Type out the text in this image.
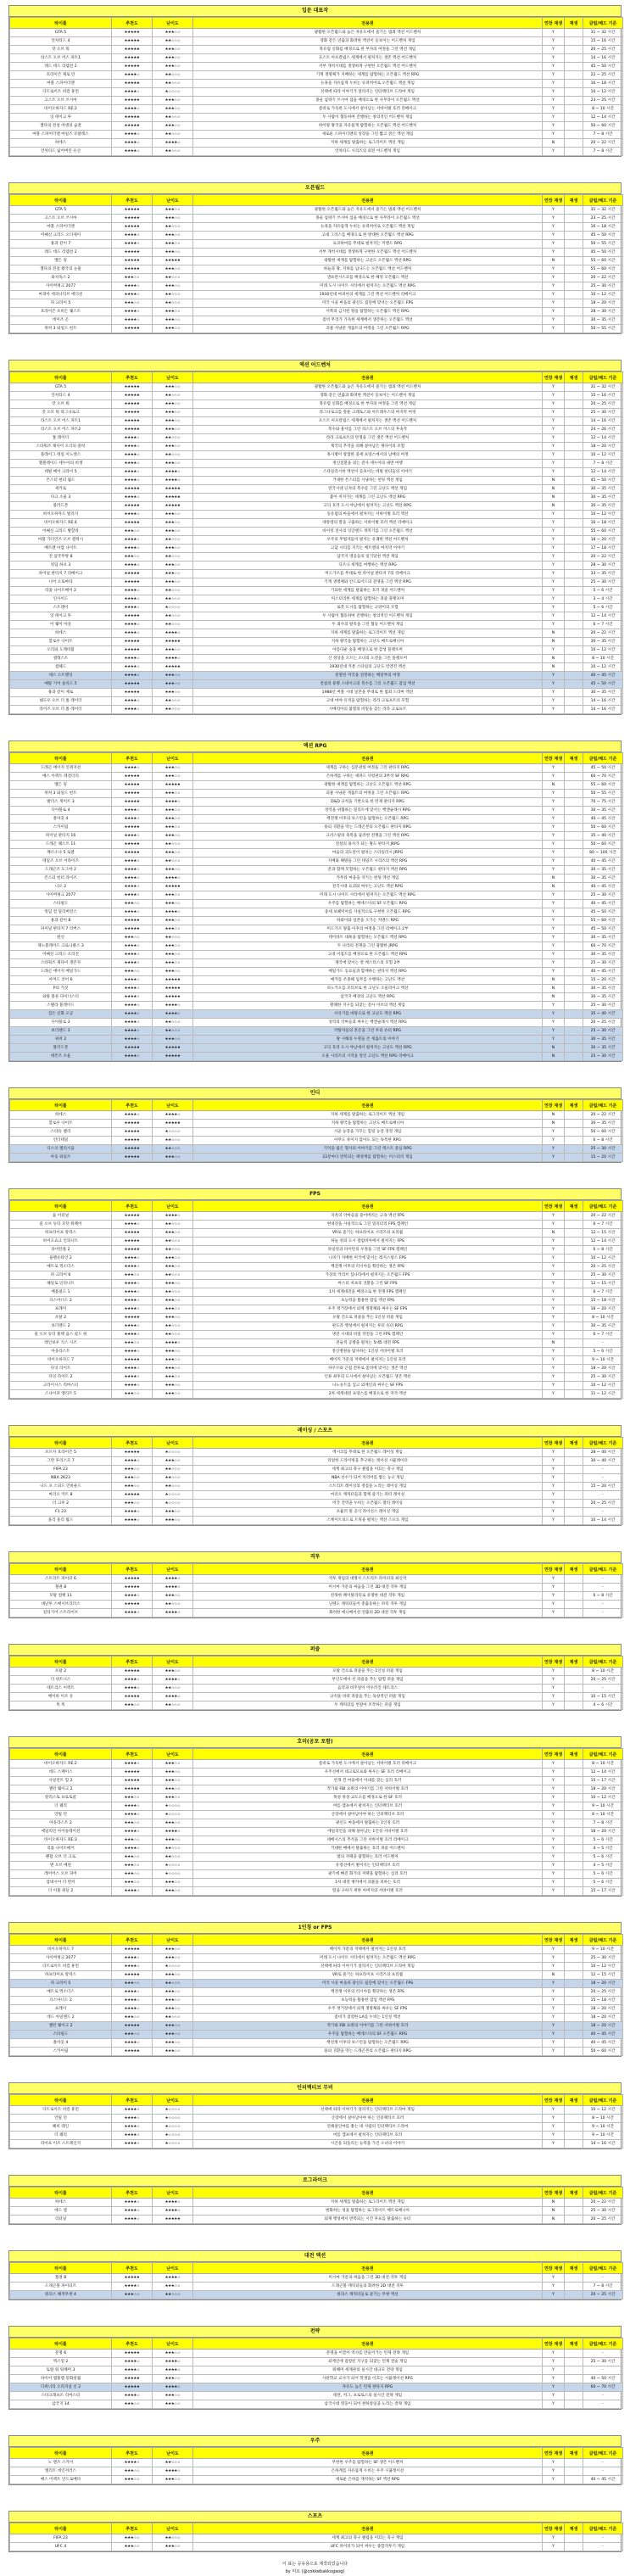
입문 대표작
타이틀	추천도	난이도	전용원	연장 재생	재생	클립/헤드 기준
GTA 5	★★★★★	★★★☆☆	광활한 오픈월드와 높은 자유도에서 즐기는 범죄 액션 어드벤처	Y		31 ~ 32 시간
언차티드 4	★★★★★	★★☆☆☆	영화 같은 연출과 화려한 액션이 돋보이는 어드벤처 게임	Y		15 ~ 16 시간
갓 오브 워	★★★★★	★★★☆☆	북유럽 신화를 배경으로 한 부자의 여정을 그린 액션 게임	Y		20 ~ 25 시간
라스트 오브 어스 파트1	★★★★★	★★★☆☆	포스트 아포칼립스 세계에서 펼쳐지는 생존 액션 어드벤처	Y		14 ~ 16 시간
레드 데드 리뎀션 2	★★★★★	★★★☆☆	서부 개척시대를 생생하게 구현한 오픈월드 액션 어드벤처	Y		45 ~ 50 시간
호라이즌 제로 던	★★★★☆	★★☆☆☆	기계 생명체가 지배하는 세계를 탐험하는 오픈월드 액션 RPG	Y		22 ~ 25 시간
마블 스파이더맨	★★★★★	★★☆☆☆	뉴욕을 자유롭게 누비는 슈퍼히어로 오픈월드 액션 게임	Y		16 ~ 18 시간
디트로이트 비컴 휴먼	★★★★☆	★☆☆☆☆	선택에 따라 이야기가 달라지는 인터랙티브 드라마 게임	Y		10 ~ 12 시간
고스트 오브 쓰시마	★★★★★	★★★☆☆	몽골 침략기 쓰시마 섬을 배경으로 한 사무라이 오픈월드 액션	Y		23 ~ 25 시간
바이오하자드 RE:2	★★★★☆	★★★☆☆	좀비로 가득한 도시에서 살아남는 서바이벌 호러 리메이크	Y		8 ~ 10 시간
잇 테이크 투	★★★★★	★★☆☆☆	두 사람이 협동하여 진행하는 창의적인 어드벤처 게임	Y		12 ~ 14 시간
젤다의 전설 야생의 숨결	★★★★★	★★★☆☆	하이랄 왕국을 자유롭게 탐험하는 오픈월드 액션 어드벤처	Y		50 ~ 60 시간
마블 스파이더맨 마일즈 모랄레스	★★★★☆	★★☆☆☆	새로운 스파이더맨의 성장을 그린 짧고 굵은 액션 게임	Y		7 ~ 8 시간
하데스	★★★★☆	★★★★☆	지하 세계를 탈출하는 로그라이트 액션 게임	N		20 ~ 22 시간
언차티드 잃어버린 유산	★★★★☆	★★☆☆☆	언차티드 시리즈의 외전 어드벤처 게임	Y		7 ~ 8 시간
오픈월드
타이틀	추천도	난이도	전용원	연장 재생	재생	클립/헤드 기준
GTA 5	★★★★★	★★★☆☆	광활한 오픈월드와 높은 자유도에서 즐기는 범죄 액션 어드벤처	Y		31 ~ 32 시간
고스트 오브 쓰시마	★★★★★	★★★☆☆	몽골 침략기 쓰시마 섬을 배경으로 한 사무라이 오픈월드 액션	Y		23 ~ 25 시간
마블 스파이더맨	★★★★★	★★☆☆☆	뉴욕을 자유롭게 누비는 슈퍼히어로 오픈월드 액션 게임	Y		16 ~ 18 시간
어쌔신 크리드 오디세이	★★★★☆	★★★☆☆	고대 그리스를 배경으로 한 방대한 오픈월드 액션 RPG	Y		45 ~ 50 시간
용과 같이 7	★★★★☆	★★★☆☆	요코하마를 무대로 펼쳐지는 커맨드 RPG	Y		50 ~ 55 시간
레드 데드 리뎀션 2	★★★★★	★★★☆☆	서부 개척시대를 생생하게 구현한 오픈월드 액션 어드벤처	Y		45 ~ 50 시간
엘든 링	★★★★★	★★★★★	광활한 세계를 탐험하는 고난도 오픈월드 액션 RPG	N		55 ~ 60 시간
젤다의 전설 왕국의 눈물	★★★★★	★★★☆☆	하늘과 땅, 지하를 넘나드는 오픈월드 액션 어드벤처	Y		55 ~ 60 시간
와치독스 2	★★★☆☆	★★☆☆☆	샌프란시스코를 배경으로 한 해킹 오픈월드 액션	Y		20 ~ 22 시간
사이버펑크 2077	★★★★☆	★★★☆☆	미래 도시 나이트 시티에서 펼쳐지는 오픈월드 액션 RPG	Y		25 ~ 30 시간
마피아 데피니티브 에디션	★★★★☆	★★☆☆☆	1930년대 마피아의 세계를 그린 액션 어드벤처 리메이크	Y		10 ~ 12 시간
파 크라이 5	★★★☆☆	★★☆☆☆	미국 시골 마을의 광신도 집단에 맞서는 오픈월드 FPS	Y		18 ~ 20 시간
호라이즌 포비든 웨스트	★★★★☆	★★★☆☆	서쪽의 금지된 땅을 탐험하는 오픈월드 액션 RPG	Y		28 ~ 30 시간
데이즈 곤	★★★★☆	★★★☆☆	좀비 무리가 가득한 세계에서 생존하는 오픈월드 액션	Y		30 ~ 35 시간
위쳐 3 와일드 헌트	★★★★★	★★★☆☆	괴물 사냥꾼 게롤트의 여정을 그린 오픈월드 RPG	Y		50 ~ 55 시간
액션 어드벤처
타이틀	추천도	난이도	전용원	연장 재생	재생	클립/헤드 기준
GTA 5	★★★★★	★★★☆☆	광활한 오픈월드와 높은 자유도에서 즐기는 범죄 액션 어드벤처	Y		31 ~ 32 시간
언차티드 4	★★★★★	★★☆☆☆	영화 같은 연출과 화려한 액션이 돋보이는 어드벤처 게임	Y		15 ~ 16 시간
갓 오브 워	★★★★★	★★★☆☆	북유럽 신화를 배경으로 한 부자의 여정을 그린 액션 게임	Y		20 ~ 25 시간
갓 오브 워 라그나로크	★★★★★	★★★☆☆	라그나로크를 앞둔 크레토스와 아트레우스의 마지막 여정	Y		25 ~ 30 시간
라스트 오브 어스 파트1	★★★★★	★★★☆☆	포스트 아포칼립스 세계에서 펼쳐지는 생존 액션 어드벤처	Y		14 ~ 16 시간
라스트 오브 어스 파트2	★★★★★	★★★☆☆	복수와 용서를 그린 라스트 오브 어스의 후속작	Y		24 ~ 26 시간
툼 레이더	★★★★☆	★★☆☆☆	라라 크로프트의 탄생을 그린 생존 액션 어드벤처	Y		12 ~ 14 시간
스타워즈 제다이 오더의 몰락	★★★★☆	★★★☆☆	제국의 추격을 피해 살아남은 제다이의 모험	Y		18 ~ 20 시간
플레이그 테일 이노센스	★★★★☆	★★☆☆☆	흑사병이 창궐한 중세 프랑스에서의 남매의 여정	Y		10 ~ 12 시간
헬블레이드 세누아의 희생	★★★★☆	★★★☆☆	정신질환을 겪는 전사 세누아의 내면 여행	Y		7 ~ 8 시간
데빌 메이 크라이 5	★★★★☆	★★★★☆	스타일리시한 액션이 돋보이는 데빌 헌터들의 이야기	Y		12 ~ 14 시간
몬스터 헌터 월드	★★★★☆	★★★★☆	거대한 몬스터를 사냥하는 헌팅 액션 게임	N		45 ~ 50 시간
세키로	★★★★★	★★★★★	전국시대 닌자의 복수를 그린 고난도 액션 게임	N		30 ~ 35 시간
다크 소울 3	★★★★☆	★★★★★	불이 꺼져가는 세계를 그린 고난도 액션 RPG	N		30 ~ 35 시간
블러드본	★★★★★	★★★★★	고딕 호러 도시 야남에서 펼쳐지는 고난도 액션 RPG	N		30 ~ 35 시간
바이오하자드 빌리지	★★★★☆	★★★☆☆	동유럽의 마을에서 펼쳐지는 서바이벌 호러 액션	Y		10 ~ 12 시간
바이오하자드 RE:4	★★★★★	★★★☆☆	대통령의 딸을 구출하는 서바이벌 호러 액션 리메이크	Y		16 ~ 18 시간
어쌔신 크리드 발할라	★★★☆☆	★★★☆☆	바이킹 전사의 잉글랜드 정복기를 그린 오픈월드 액션	Y		55 ~ 60 시간
마블 가디언즈 오브 갤럭시	★★★★☆	★★☆☆☆	우주의 무법자들이 펼치는 유쾌한 액션 어드벤처	Y		18 ~ 20 시간
배트맨 아캄 나이트	★★★★☆	★★★☆☆	고담 시티를 지키는 배트맨의 마지막 이야기	Y		17 ~ 18 시간
진 삼국무쌍 8	★★★☆☆	★★☆☆☆	삼국지 영웅들의 일기당천 액션 게임	Y		20 ~ 22 시간
킹덤 하츠 3	★★★★☆	★★★☆☆	디즈니 세계를 여행하는 액션 RPG	Y		28 ~ 30 시간
파이널 판타지 7 리메이크	★★★★★	★★★☆☆	미드가르를 무대로 한 파이널 판타지 7의 리메이크	Y		33 ~ 35 시간
니어 오토마타	★★★★★	★★★☆☆	기계 생명체와 안드로이드의 전쟁을 그린 액션 RPG	Y		25 ~ 30 시간
리틀 나이트메어 2	★★★★☆	★★☆☆☆	기묘한 세계를 탈출하는 호러 퍼즐 어드벤처	Y		5 ~ 6 시간
인사이드	★★★★☆	★★☆☆☆	미스터리한 세계를 탐험하는 퍼즐 플랫포머	Y		3 ~ 4 시간
스트레이	★★★★☆	★☆☆☆☆	로봇 도시를 탐험하는 고양이의 모험	Y		5 ~ 6 시간
잇 테이크 투	★★★★★	★★☆☆☆	두 사람이 협동하여 진행하는 창의적인 어드벤처 게임	Y		12 ~ 14 시간
어 웨이 아웃	★★★★☆	★★☆☆☆	두 죄수의 탈옥을 그린 협동 어드벤처 게임	Y		6 ~ 7 시간
하데스	★★★★☆	★★★★☆	지하 세계를 탈출하는 로그라이트 액션 게임	N		20 ~ 22 시간
할로우 나이트	★★★★★	★★★★★	지하 왕국을 탐험하는 고난도 메트로배니아	N		30 ~ 35 시간
오리와 도깨비불	★★★★★	★★★☆☆	아름다운 숲을 배경으로 한 감성 플랫포머	Y		10 ~ 12 시간
셀레스트	★★★★☆	★★★★☆	산 정상을 오르는 소녀의 도전을 그린 플랫포머	N		8 ~ 10 시간
컵헤드	★★★★☆	★★★★★	1930년대 카툰 스타일의 고난도 런앤건 액션	N		10 ~ 12 시간
데스 스트랜딩	★★★★☆	★★★☆☆	분열된 미국을 연결하는 배달부의 여정	Y		40 ~ 45 시간
메탈 기어 솔리드 5	★★★★★	★★★☆☆	전설의 용병 스네이크의 복수를 그린 오픈월드 잠입 액션	Y		45 ~ 50 시간
용과 같이 제로	★★★★★	★★★☆☆	1988년 버블 시대 일본을 무대로 한 범죄 드라마 액션	Y		30 ~ 35 시간
쉐도우 오브 더 툼 레이더	★★★★☆	★★☆☆☆	고대 마야 유적을 탐험하는 라라 크로프트의 모험	Y		14 ~ 16 시간
라이즈 오브 더 툼 레이더	★★★★☆	★★☆☆☆	시베리아의 불멸의 비밀을 찾는 라라 크로프트	Y		14 ~ 16 시간
액션 RPG
타이틀	추천도	난이도	전용원	연장 재생	재생	클립/헤드 기준
드래곤 에이지 인퀴지션	★★★★☆	★★★☆☆	세계를 구하는 심문관의 여정을 그린 판타지 RPG	Y		45 ~ 50 시간
매스 이펙트 레전더리	★★★★★	★★★☆☆	은하계를 구하는 셰퍼드 사령관의 3부작 SF RPG	Y		60 ~ 70 시간
엘든 링	★★★★★	★★★★★	광활한 세계를 탐험하는 고난도 오픈월드 액션 RPG	N		55 ~ 60 시간
위쳐 3 와일드 헌트	★★★★★	★★★☆☆	괴물 사냥꾼 게롤트의 여정을 그린 오픈월드 RPG	Y		50 ~ 55 시간
발더스 게이트 3	★★★★★	★★★★☆	D&D 규칙을 기반으로 한 턴제 판타지 RPG	Y		70 ~ 75 시간
디아블로 4	★★★★☆	★★★☆☆	성역을 위협하는 릴리트에 맞서는 핵앤슬래시 RPG	Y		30 ~ 35 시간
폴아웃 4	★★★★☆	★★★☆☆	핵전쟁 이후의 보스턴을 탐험하는 오픈월드 RPG	Y		40 ~ 45 시간
스카이림	★★★★★	★★★☆☆	용의 귀환을 막는 드래곤본의 오픈월드 판타지 RPG	Y		50 ~ 60 시간
파이널 판타지 16	★★★★☆	★★★☆☆	크리스탈의 축복을 둘러싼 전쟁을 그린 액션 RPG	Y		35 ~ 40 시간
드래곤 퀘스트 11	★★★★★	★★☆☆☆	전설의 용사가 되는 왕도 판타지 JRPG	Y		50 ~ 60 시간
페르소나 5 로열	★★★★★	★★★☆☆	마음의 괴도단이 펼치는 스타일리시 JRPG	Y		80 ~ 100 시간
테일즈 오브 어라이즈	★★★★☆	★★☆☆☆	지배와 해방을 그린 테일즈 시리즈의 액션 RPG	Y		40 ~ 45 시간
드래곤즈 도그마 2	★★★★☆	★★★☆☆	폰과 함께 모험하는 오픈월드 판타지 액션 RPG	Y		30 ~ 35 시간
몬스터 헌터 라이즈	★★★★☆	★★★★☆	카무라 마을을 지키는 헌팅 액션 게임	N		30 ~ 35 시간
니오 2	★★★★☆	★★★★★	전국시대 요괴와 싸우는 고난도 액션 RPG	N		40 ~ 45 시간
사이버펑크 2077	★★★★☆	★★★☆☆	미래 도시 나이트 시티에서 펼쳐지는 오픈월드 액션 RPG	Y		25 ~ 30 시간
스타필드	★★★☆☆	★★★☆☆	우주를 탐험하는 베데스다의 SF 오픈월드 RPG	Y		40 ~ 45 시간
킹덤 컴 딜리버런스	★★★★☆	★★★★☆	중세 보헤미아를 사실적으로 구현한 오픈월드 RPG	Y		45 ~ 50 시간
용과 같이 8	★★★★★	★★★☆☆	하와이와 일본을 오가는 커맨드 RPG	Y		55 ~ 60 시간
파이널 판타지 7 리버스	★★★★★	★★★☆☆	미드가르 탈출 이후의 여정을 그린 리메이크 2부	Y		45 ~ 50 시간
원신	★★★☆☆	★★☆☆☆	테이바트 대륙을 탐험하는 오픈월드 액션 RPG	Y		30 ~ 35 시간
제노블레이드 크로니클스 3	★★★★☆	★★★☆☆	두 나라의 전쟁을 그린 광활한 JRPG	Y		60 ~ 70 시간
어쌔신 크리드 오리진	★★★★☆	★★★☆☆	고대 이집트를 배경으로 한 오픈월드 액션 RPG	Y		30 ~ 35 시간
스타워즈 제다이 생존자	★★★★☆	★★★☆☆	제국에 맞서는 칼 케스티스의 모험 2부	Y		25 ~ 30 시간
드래곤 에이지 베일가드	★★★☆☆	★★★☆☆	베일가드 동료들과 함께하는 판타지 액션 RPG	Y		40 ~ 45 시간
아머드 코어 6	★★★★☆	★★★★★	메카를 조종해 임무를 수행하는 고난도 액션	N		15 ~ 20 시간
P의 거짓	★★★★☆	★★★★★	피노키오를 모티브로 한 고난도 소울라이크 액션	N		30 ~ 35 시간
와룡 폴른 다이너스티	★★★★☆	★★★★★	삼국지 배경의 고난도 액션 RPG	N		30 ~ 35 시간
스텔라 블레이드	★★★★☆	★★★★☆	황폐한 지구를 되찾는 전사 이브의 액션 게임	Y		25 ~ 30 시간
검은 신화 오공	★★★★☆	★★★★☆	서유기를 바탕으로 한 고난도 액션 RPG	Y		35 ~ 40 시간
디아블로 3	★★★★☆	★★☆☆☆	성역의 악마들과 싸우는 핵앤슬래시 액션 RPG	Y		20 ~ 25 시간
보더랜드 3	★★★★☆	★★☆☆☆	약탈자들의 혼돈을 그린 루터 슈터 RPG	Y		25 ~ 30 시간
위쳐 2	★★★★☆	★★★☆☆	왕 시해의 누명을 쓴 게롤트의 이야기	Y		30 ~ 35 시간
블러드본	★★★★★	★★★★★	고딕 호러 도시 야남에서 펼쳐지는 고난도 액션 RPG	N		30 ~ 35 시간
데몬즈 소울	★★★★☆	★★★★★	소울 시리즈의 시작을 알린 고난도 액션 RPG 리메이크	N		25 ~ 30 시간
인디
타이틀	추천도	난이도	전용원	연장 재생	재생	클립/헤드 기준
하데스	★★★★☆	★★★★☆	지하 세계를 탈출하는 로그라이트 액션 게임	N		20 ~ 22 시간
할로우 나이트	★★★★★	★★★★★	지하 왕국을 탐험하는 고난도 메트로배니아	N		30 ~ 35 시간
스타듀 밸리	★★★★★	★☆☆☆☆	시골 농장을 가꾸는 힐링 농장 경영 게임	Y		50 ~ 60 시간
언더테일	★★★★★	★★☆☆☆	아무도 죽이지 않아도 되는 독특한 RPG	Y		6 ~ 8 시간
디스코 엘리시움	★★★★★	★★☆☆☆	기억을 잃은 형사의 이야기를 그린 텍스트 중심 RPG	Y		25 ~ 30 시간
아웃 와일즈	★★★★★	★★★☆☆	22분마다 반복되는 태양계를 탐험하는 미스터리 게임	Y		15 ~ 20 시간
FPS
타이틀	추천도	난이도	전용원	연장 재생	재생	클립/헤드 기준
둠 이터널	★★★★★	★★★★☆	지옥의 악마들을 쓸어버리는 고속 액션 FPS	Y		20 ~ 22 시간
콜 오브 듀티 모던 워페어	★★★★☆	★★☆☆☆	현대전을 사실적으로 그린 밀리터리 FPS 캠페인	Y		6 ~ 7 시간
하프라이프 알릭스	★★★★★	★★★☆☆	VR로 즐기는 하프라이프 시리즈의 프리퀄	N		12 ~ 15 시간
바이오쇼크 인피니트	★★★★★	★★☆☆☆	하늘 위의 도시 컬럼비아에서 펼쳐지는 FPS	Y		12 ~ 14 시간
타이탄폴 2	★★★★★	★★☆☆☆	파일럿과 타이탄의 우정을 그린 SF FPS 캠페인	Y		6 ~ 8 시간
울펜슈타인 2	★★★★☆	★★★☆☆	나치가 지배한 미국에 맞서는 레지스탕스 FPS	Y		10 ~ 12 시간
메트로 엑소더스	★★★★☆	★★★☆☆	핵전쟁 이후의 러시아를 횡단하는 생존 FPS	Y		20 ~ 25 시간
파 크라이 6	★★★☆☆	★★☆☆☆	가상의 카리브 섬나라에서 펼쳐지는 오픈월드 FPS	Y		25 ~ 30 시간
헤일로 인피니트	★★★★☆	★★★☆☆	마스터 치프의 귀환을 그린 SF FPS	Y		12 ~ 15 시간
배틀필드 1	★★★★☆	★★☆☆☆	1차 세계대전을 배경으로 한 전쟁 FPS 캠페인	Y		6 ~ 7 시간
디스아너드 2	★★★★☆	★★★☆☆	초능력을 활용한 잠입 액션 FPS	Y		15 ~ 18 시간
프레이	★★★★☆	★★★☆☆	우주 정거장에서 외계 생명체와 싸우는 SF FPS	Y		18 ~ 20 시간
포탈 2	★★★★★	★★★☆☆	포탈 건으로 퍼즐을 푸는 1인칭 퍼즐 게임	Y		8 ~ 10 시간
보더랜드 2	★★★★☆	★★☆☆☆	판도라 행성에서 펼쳐지는 루터 슈터 RPG	Y		30 ~ 35 시간
콜 오브 듀티 블랙 옵스 콜드 워	★★★★☆	★★☆☆☆	냉전 시대의 비밀 작전을 그린 FPS 캠페인	Y		6 ~ 7 시간
레인보우 식스 시즈	★★★☆☆	★★★★☆	전술적 공방을 펼치는 5대5 대전 FPS	N		-
아웃라스트	★★★★☆	★★★☆☆	정신병원을 탐사하는 1인칭 서바이벌 호러	Y		5 ~ 6 시간
바이오하자드 7	★★★★★	★★★☆☆	베이커 가문의 저택에서 펼쳐지는 1인칭 호러	Y		9 ~ 10 시간
다잉 라이트	★★★★☆	★★★☆☆	파쿠르와 근접 전투로 좀비에 맞서는 생존 액션	Y		18 ~ 20 시간
다잉 라이트 2	★★★★☆	★★★☆☆	인류 최후의 도시에서 살아남는 오픈월드 생존 액션	Y		25 ~ 30 시간
크라이시스 리마스터	★★★★☆	★★★☆☆	나노슈트를 입고 외계인과 싸우는 SF FPS	Y		10 ~ 12 시간
스나이퍼 엘리트 5	★★★☆☆	★★★☆☆	2차 세계대전 프랑스를 배경으로 한 저격 액션	Y		11 ~ 12 시간
레이싱 / 스포츠
타이틀	추천도	난이도	전용원	연장 재생	재생	클립/헤드 기준
포르자 호라이즌 5	★★★★★	★☆☆☆☆	멕시코를 무대로 한 오픈월드 레이싱 게임	Y		28 ~ 40 시간
그란 투리스모 7	★★★★☆	★★★☆☆	리얼한 드라이빙을 추구하는 레이싱 시뮬레이터	Y		30 ~ 40 시간
FIFA 23	★★★☆☆	★★☆☆☆	세계 최고의 축구 클럽을 이끄는 축구 게임	Y		-
NBA 2K23	★★★☆☆	★★☆☆☆	NBA 선수가 되어 커리어를 쌓는 농구 게임	Y		-
니드 포 스피드 언바운드	★★★☆☆	★★☆☆☆	스트리트 레이싱의 정점을 노리는 레이싱 게임	Y		15 ~ 20 시간
마리오 카트 8	★★★★★	★☆☆☆☆	마리오 캐릭터들과 함께 즐기는 파티 레이싱	Y		-
더 크루 2	★★★☆☆	★☆☆☆☆	미국 전역을 누비는 오픈월드 멀티 레이싱	Y		20 ~ 25 시간
F1 23	★★★★☆	★★★☆☆	포뮬러 원 공식 라이선스 레이싱 게임	Y		-
올리 올리 월드	★★★★☆	★★★☆☆	스케이트보드로 트릭을 펼치는 액션 스포츠 게임	Y		10 ~ 14 시간
격투
타이틀	추천도	난이도	전용원	연장 재생	재생	클립/헤드 기준
스트리트 파이터 6	★★★★★	★★★★☆	격투 게임의 대명사 스트리트 파이터의 최신작	Y		-
철권 8	★★★★★	★★★★☆	미시마 가문의 싸움을 그린 3D 대전 격투 게임	Y		-
모탈 컴뱃 11	★★★★☆	★★★☆☆	잔혹한 페이탈리티로 유명한 대전 격투 게임	Y		6 ~ 8 시간
대난투 스매시브라더스	★★★★★	★★☆☆☆	닌텐도 캐릭터들이 총출동하는 파티 격투 게임	Y		-
길티기어 스트라이브	★★★★☆	★★★★☆	화려한 애니메이션 연출의 2D 대전 격투 게임	Y		-
퍼즐
타이틀	추천도	난이도	전용원	연장 재생	재생	클립/헤드 기준
포탈 2	★★★★★	★★★☆☆	포탈 건으로 퍼즐을 푸는 1인칭 퍼즐 게임	Y		8 ~ 10 시간
더 위트니스	★★★★☆	★★★★☆	무인도에서 선 퍼즐을 푸는 탐험 퍼즐 게임	Y		20 ~ 25 시간
테트리스 이펙트	★★★★☆	★★☆☆☆	음악과 비주얼이 어우러진 테트리스	Y		-
베이바 이즈 유	★★★★★	★★★★☆	규칙을 바꿔 퍼즐을 푸는 독창적인 퍼즐 게임	Y		10 ~ 15 시간
톡 톡	★★★☆☆	★★☆☆☆	두 캐릭터를 번갈아 조작하는 퍼즐 게임	Y		4 ~ 6 시간
호러(공포 포함)
타이틀	추천도	난이도	전용원	연장 재생	재생	클립/헤드 기준
바이오하자드 RE:2	★★★★☆	★★★☆☆	좀비로 가득한 도시에서 살아남는 서바이벌 호러 리메이크	Y		8 ~ 10 시간
데드 스페이스	★★★★★	★★★☆☆	우주선에서 네크로모프와 싸우는 SF 호러 리메이크	Y		12 ~ 14 시간
사일런트 힐 2	★★★★★	★★★☆☆	안개 낀 마을에서 아내를 찾는 심리 호러	Y		15 ~ 17 시간
앨런 웨이크 2	★★★★★	★★★☆☆	작가와 FBI 요원의 이야기를 그린 서바이벌 호러	Y		18 ~ 20 시간
칼리스토 프로토콜	★★★☆☆	★★★☆☆	목성 위성 교도소를 배경으로 한 SF 호러	Y		10 ~ 12 시간
더 퀘리	★★★★☆	★☆☆☆☆	여름 캠프에서 펼쳐지는 인터랙티브 호러	Y		9 ~ 10 시간
언틸 던	★★★★☆	★☆☆☆☆	산장에서 살아남아야 하는 인터랙티브 호러	Y		8 ~ 10 시간
아웃라스트 2	★★★☆☆	★★★☆☆	광신도 마을에서 탈출하는 1인칭 호러	Y		7 ~ 8 시간
에일리언 아이솔레이션	★★★★☆	★★★★☆	에일리언을 피해 살아남는 1인칭 서바이벌 호러	Y		18 ~ 20 시간
바이오하자드 RE:3	★★★☆☆	★★★☆☆	네메시스의 추격을 그린 서바이벌 호러 리메이크	Y		5 ~ 6 시간
리틀 나이트메어	★★★★☆	★★☆☆☆	거대한 배에서 탈출하는 호러 퍼즐 어드벤처	Y		4 ~ 5 시간
팬텀 오브 더 크로	★★★☆☆	★★☆☆☆	밤의 저택을 탐험하는 호러 어드벤처	Y		5 ~ 6 시간
맨 오브 메단	★★★☆☆	★☆☆☆☆	유령선에서 벌어지는 인터랙티브 호러	Y		4 ~ 5 시간
레이어스 오브 피어	★★★☆☆	★☆☆☆☆	광기에 빠진 화가의 저택을 탐험하는 심리 호러	Y		5 ~ 6 시간
암네시아 더 번커	★★★☆☆	★★★☆☆	1차 대전 벙커에서 괴물을 피하는 호러	Y		5 ~ 6 시간
더 이블 위딘 2	★★★★☆	★★★☆☆	딸을 구하기 위한 아버지의 서바이벌 호러	Y		15 ~ 17 시간
1인칭 or FPS
타이틀	추천도	난이도	전용원	연장 재생	재생	클립/헤드 기준
바이오하자드 7	★★★★★	★★★☆☆	베이커 가문의 저택에서 펼쳐지는 1인칭 호러	Y		9 ~ 10 시간
사이버펑크 2077	★★★★☆	★★★☆☆	미래 도시 나이트 시티에서 펼쳐지는 오픈월드 액션 RPG	Y		25 ~ 30 시간
디트로이트 비컴 휴먼	★★★★☆	★☆☆☆☆	선택에 따라 이야기가 달라지는 인터랙티브 드라마 게임	Y		10 ~ 12 시간
하프라이프 알릭스	★★★★★	★★★☆☆	VR로 즐기는 하프라이프 시리즈의 프리퀄	N		12 ~ 15 시간
파 크라이 5	★★★☆☆	★★☆☆☆	미국 시골 마을의 광신도 집단에 맞서는 오픈월드 FPS	Y		18 ~ 20 시간
메트로 엑소더스	★★★★☆	★★★☆☆	핵전쟁 이후의 러시아를 횡단하는 생존 FPS	Y		20 ~ 25 시간
디스아너드 2	★★★★☆	★★★☆☆	초능력을 활용한 잠입 액션 FPS	Y		15 ~ 18 시간
프레이	★★★★☆	★★★☆☆	우주 정거장에서 외계 생명체와 싸우는 SF FPS	Y		18 ~ 20 시간
데드 아일랜드 2	★★★☆☆	★★☆☆☆	좀비가 점령한 LA를 누비는 1인칭 액션	Y		18 ~ 20 시간
앨런 웨이크 2	★★★★★	★★★☆☆	작가와 FBI 요원의 이야기를 그린 서바이벌 호러	Y		18 ~ 20 시간
스타필드	★★★☆☆	★★★☆☆	우주를 탐험하는 베데스다의 SF 오픈월드 RPG	Y		40 ~ 45 시간
폴아웃 4	★★★★☆	★★★☆☆	핵전쟁 이후의 보스턴을 탐험하는 오픈월드 RPG	Y		40 ~ 45 시간
스카이림	★★★★★	★★★☆☆	용의 귀환을 막는 드래곤본의 오픈월드 판타지 RPG	Y		50 ~ 60 시간
인터랙티브 무비
타이틀	추천도	난이도	전용원	연장 재생	재생	클립/헤드 기준
디트로이트 비컴 휴먼	★★★★☆	★☆☆☆☆	선택에 따라 이야기가 달라지는 인터랙티브 드라마 게임	Y		10 ~ 12 시간
언틸 던	★★★★☆	★☆☆☆☆	산장에서 살아남아야 하는 인터랙티브 호러	Y		8 ~ 10 시간
헤비 레인	★★★★☆	★☆☆☆☆	연쇄살인마를 쫓는 네 사람의 인터랙티브 드라마	Y		9 ~ 10 시간
더 퀘리	★★★★☆	★☆☆☆☆	여름 캠프에서 펼쳐지는 인터랙티브 호러	Y		9 ~ 10 시간
라이프 이즈 스트레인지	★★★★☆	★☆☆☆☆	시간을 되돌리는 능력을 가진 소녀의 이야기	Y		14 ~ 16 시간
로그라이크
타이틀	추천도	난이도	전용원	연장 재생	재생	클립/헤드 기준
하데스	★★★★☆	★★★★☆	지하 세계를 탈출하는 로그라이트 액션 게임	N		20 ~ 22 시간
데드 셀	★★★★☆	★★★★☆	변화하는 성을 탐험하는 로그라이트 메트로배니아	N		25 ~ 30 시간
리터널	★★★★☆	★★★★★	외계 행성에서 반복되는 시간 루프를 탈출하는 슈터	N		20 ~ 25 시간
대전 액션
타이틀	추천도	난이도	전용원	연장 재생	재생	클립/헤드 기준
철권 8	★★★★★	★★★★☆	미시마 가문의 싸움을 그린 3D 대전 격투 게임	Y		-
드래곤볼 파이터즈	★★★★☆	★★★☆☆	드래곤볼 캐릭터들의 화려한 2D 대전 격투	Y		7 ~ 8 시간
원피스 해적무쌍 4	★★★☆☆	★★☆☆☆	원피스 캐릭터들로 즐기는 무쌍 액션	Y		20 ~ 25 시간
전략
타이틀	추천도	난이도	전용원	연장 재생	재생	클립/헤드 기준
문명 6	★★★★★	★★★☆☆	문명을 이끌어 역사를 만들어가는 턴제 전략 게임	Y		-
엑스컴 2	★★★★☆	★★★★☆	외계인에 점령된 지구를 되찾는 턴제 전술 게임	Y		25 ~ 30 시간
토탈 워 워해머 3	★★★★☆	★★★★☆	워해머 세계관의 실시간 대규모 전략 게임	Y		-
파이어 엠블렘 풍화설월	★★★★★	★★★☆☆	사관학교 교사가 되어 학생을 이끄는 시뮬레이션 RPG	Y		40 ~ 50 시간
디비니티 오리지널 신 2	★★★★★	★★★★☆	자유도 높은 턴제 판타지 RPG	Y		60 ~ 70 시간
스타크래프트 리마스터	★★★★☆	★★★☆☆	테란, 저그, 프로토스의 실시간 전략 게임	Y		-
삼국지 14	★★★☆☆	★★★☆☆	삼국시대 영웅이 되어 천하통일을 노리는 전략 게임	Y		-
우주
타이틀	추천도	난이도	전용원	연장 재생	재생	클립/헤드 기준
노 맨즈 스카이	★★★★☆	★★☆☆☆	무한한 우주를 탐험하는 SF 생존 어드벤처	Y		-
엘리트 데인저러스	★★★☆☆	★★★★☆	은하계를 자유롭게 누비는 우주 시뮬레이션	Y		-
매스 이펙트 안드로메다	★★★☆☆	★★★☆☆	새로운 은하를 개척하는 SF 액션 RPG	Y		40 ~ 45 시간
스포츠
타이틀	추천도	난이도	전용원	연장 재생	재생	클립/헤드 기준
FIFA 23	★★★☆☆	★★☆☆☆	세계 최고의 축구 클럽을 이끄는 축구 게임	Y		-
UFC 4	★★★☆☆	★★★☆☆	UFC 파이터가 되어 싸우는 종합격투기 게임	Y		-
이 표는 공유용으로 제작되었습니다
by 미요 (@cokkebakkogaog)
